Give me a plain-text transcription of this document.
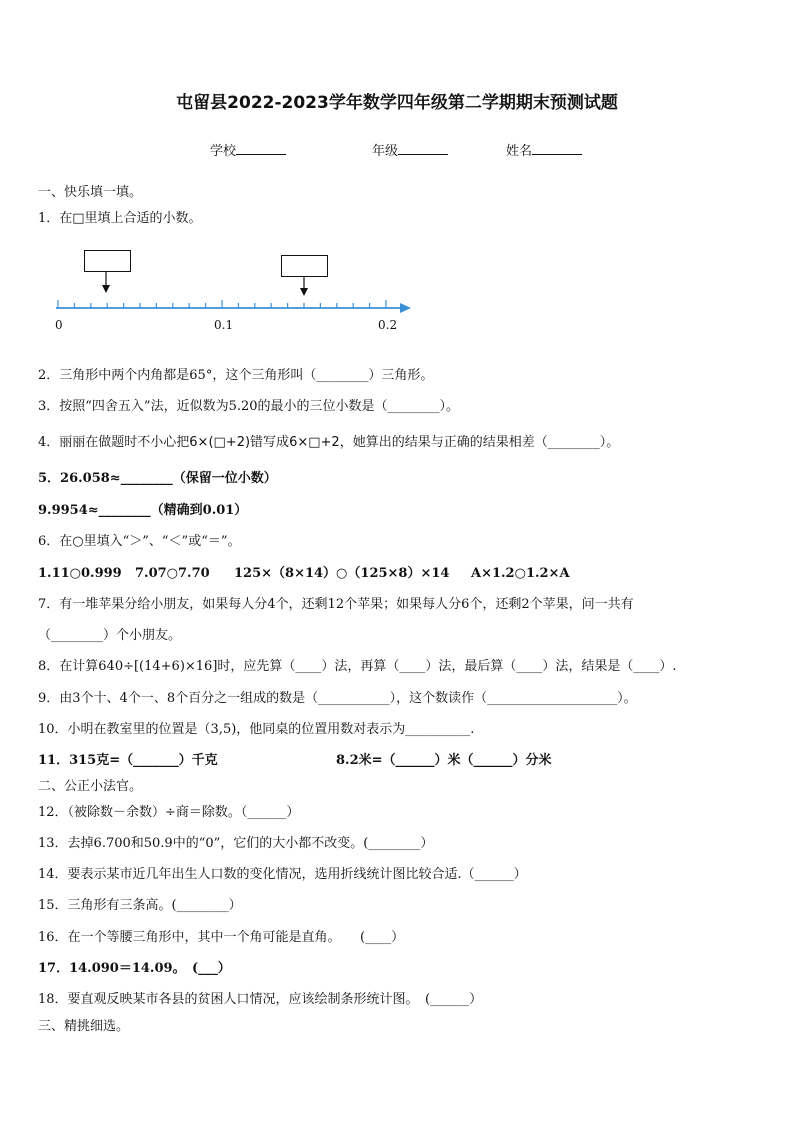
屯留县2022-2023学年数学四年级第二学期期末预测试题
学校	年级	姓名
一、快乐填一填。
1．在□里填上合适的小数。
0	0.1	0.2
2．三角形中两个内角都是65°，这个三角形叫（________）三角形。
3．按照“四舍五入”法，近似数为5.20的最小的三位小数是（________）。
4．丽丽在做题时不小心把6×(□+2)错写成6×□+2，她算出的结果与正确的结果相差（________）。
5．26.058≈________（保留一位小数）
9.9954≈________（精确到0.01）
6．在○里填入“＞”、“＜”或“＝”。
1.11○0.999 7.07○7.70 125×（8×14）○（125×8）×14 A×1.2○1.2×A
7．有一堆苹果分给小朋友，如果每人分4个，还剩12个苹果；如果每人分6个，还剩2个苹果，问一共有
（________）个小朋友。
8．在计算640÷[(14+6)×16]时，应先算（____）法，再算（____）法，最后算（____）法，结果是（____）.
9．由3个十、4个一、8个百分之一组成的数是（___________），这个数读作（____________________）。
10．小明在教室里的位置是（3,5)，他同桌的位置用数对表示为__________.
11．315克=（_______）千克	8.2米=（______）米（______）分米
二、公正小法官。
12．（被除数－余数）÷商＝除数。（______）
13．去掉6.700和50.9中的“0”，它们的大小都不改变。(________）
14．要表示某市近几年出生人口数的变化情况，选用折线统计图比较合适.（______）
15．三角形有三条高。(________）
16．在一个等腰三角形中，其中一个角可能是直角。　　(____）
17．14.090＝14.09。　(___）
18．要直观反映某市各县的贫困人口情况，应该绘制条形统计图。　(______）
三、精挑细选。
